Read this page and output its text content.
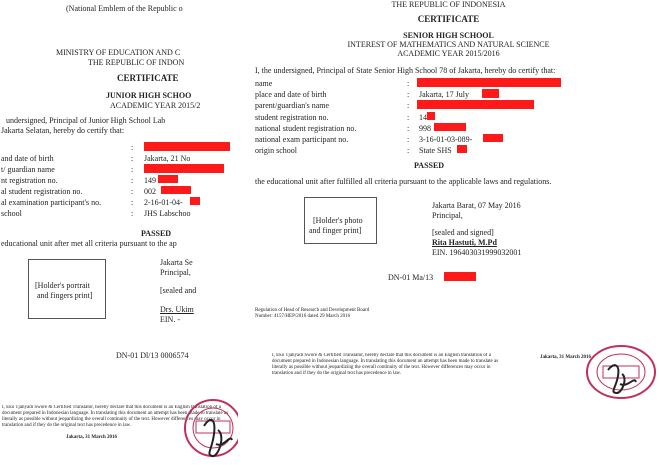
(National Emblem of the Republic o
MINISTRY OF EDUCATION AND C
THE REPUBLIC OF INDON
CERTIFICATE
JUNIOR HIGH SCHOO
ACADEMIC YEAR 2015/2
undersigned, Principal of Junior High School Lab
Jakarta Selatan, hereby do certify that:
:
and date of birth	: Jakarta, 21 No
t/ guardian name	:
nt registration no.	: 149
al student registration no.	: 002
al examination participant's no.	: 2-16-01-04-
school	: JHS Labschoo
PASSED
educational unit after met all criteria pursuant to the ap
[Holder's portrait
and fingers print]
Jakarta Se
Principal,
[sealed and
Drs. Ukim
EIN. -
DN-01 Dl/13 0006574
I, Eko Tjahyadi Swore & Certified Translator, hereby declare that this document is an English translation of a document prepared in Indonesian language. In translating this document an attempt has been made to translate as literally as possible without jeopardizing the overall continuity of the text. However differences may occur in translation and if they do the original text has precedence in law.
Jakarta, 31 March 2016
THE REPUBLIC OF INDONESIA
CERTIFICATE
SENIOR HIGH SCHOOL
INTEREST OF MATHEMATICS AND NATURAL SCIENCE
ACADEMIC YEAR 2015/2016
I, the undersigned, Principal of State Senior High School 78 of Jakarta, hereby do certify that:
name	:
place and date of birth	: Jakarta, 17 July
parent/guardian's name	:
student registration no.	: 14
national student registration no.	: 998
national exam participant no.	: 3-16-01-03-089-
origin school	: State SHS
PASSED
the educational unit after fulfilled all criteria pursuant to the applicable laws and regulations.
[Holder's photo
and finger print]
Jakarta Barat, 07 May 2016
Principal,
[sealed and signed]
Rita Hastuti, M.Pd
EIN. 196403031999032001
DN-01 Ma/13
Regulation of Head of Research and Development Board
Number: 4157/HEP/2016 dated 29 March 2016
I, Eko Tjahyadi Swore & Certified Translator, hereby declare that this document is an English translation of a document prepared in Indonesian language. In translating this document an attempt has been made to translate as literally as possible without jeopardizing the overall continuity of the text. However differences may occur in translation and if they do the original text has precedence in law.
Jakarta, 31 March 2016
